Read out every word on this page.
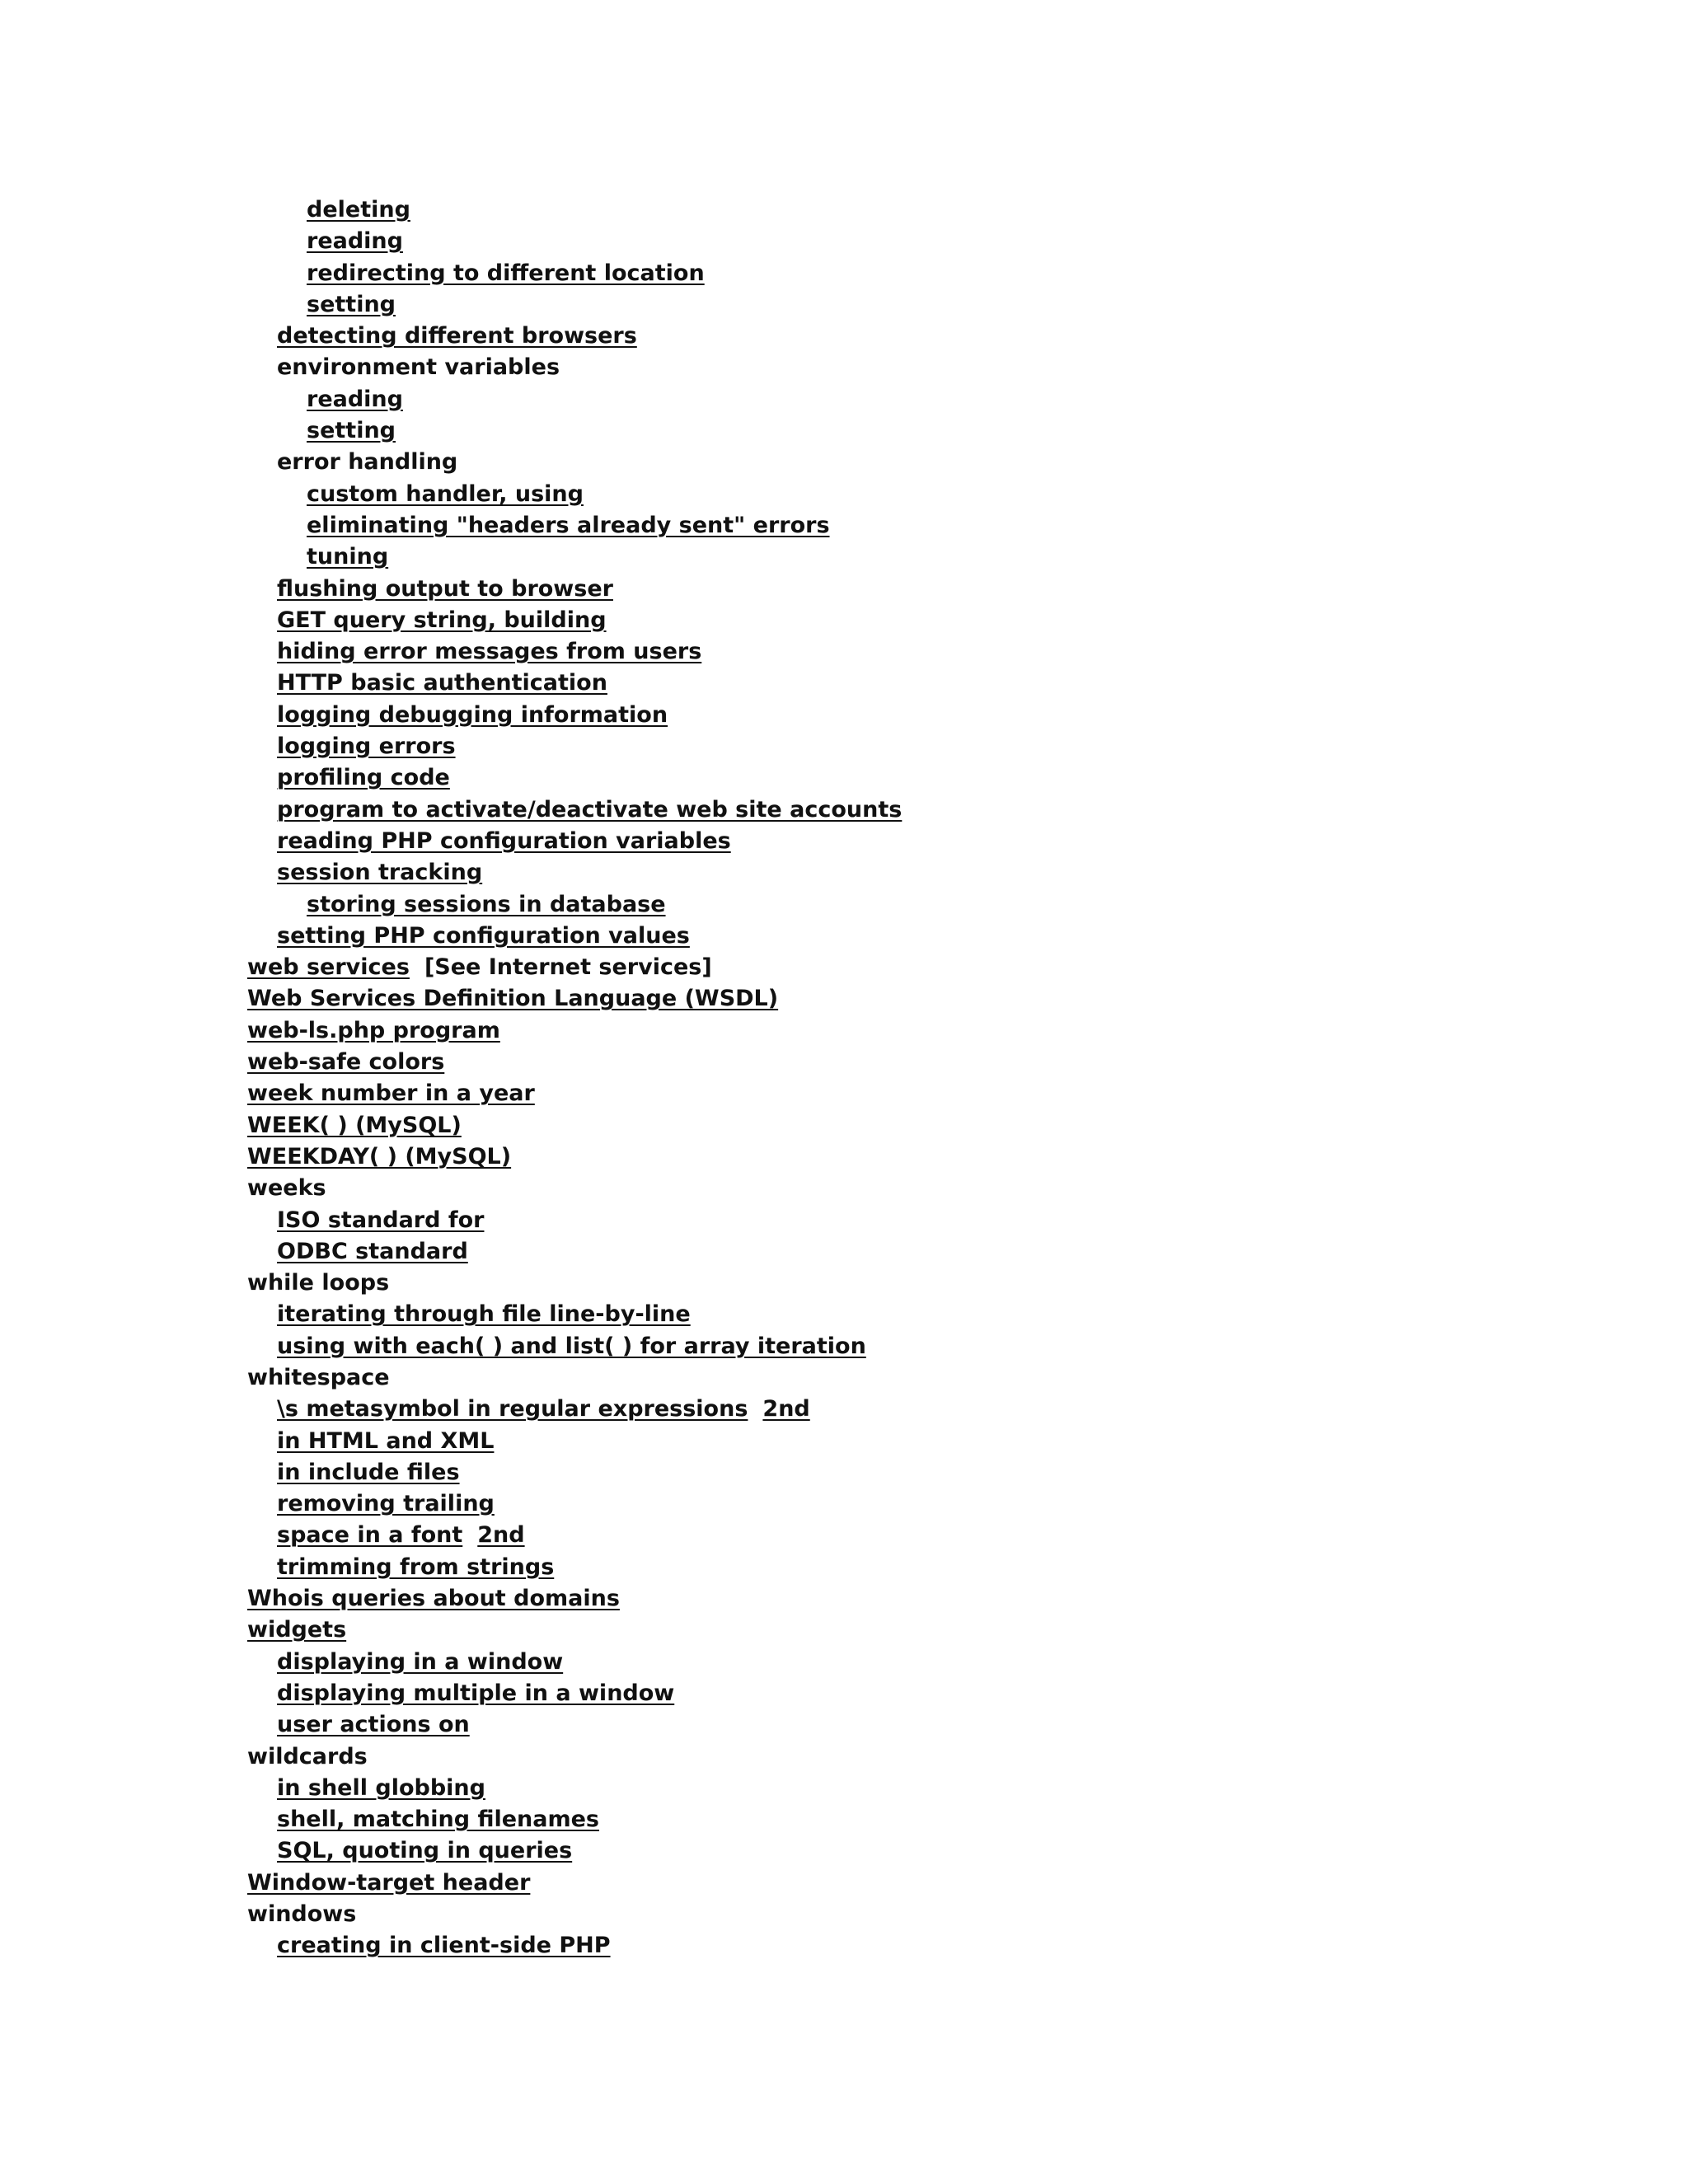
deleting
reading
redirecting to different location
setting
detecting different browsers
environment variables
reading
setting
error handling
custom handler, using
eliminating "headers already sent" errors
tuning
flushing output to browser
GET query string, building
hiding error messages from users
HTTP basic authentication
logging debugging information
logging errors
profiling code
program to activate/deactivate web site accounts
reading PHP configuration variables
session tracking
storing sessions in database
setting PHP configuration values
web services [See Internet services]
Web Services Definition Language (WSDL)
web-ls.php program
web-safe colors
week number in a year
WEEK( ) (MySQL)
WEEKDAY( ) (MySQL)
weeks
ISO standard for
ODBC standard
while loops
iterating through file line-by-line
using with each( ) and list( ) for array iteration
whitespace
\s metasymbol in regular expressions 2nd
in HTML and XML
in include files
removing trailing
space in a font 2nd
trimming from strings
Whois queries about domains
widgets
displaying in a window
displaying multiple in a window
user actions on
wildcards
in shell globbing
shell, matching filenames
SQL, quoting in queries
Window-target header
windows
creating in client-side PHP
